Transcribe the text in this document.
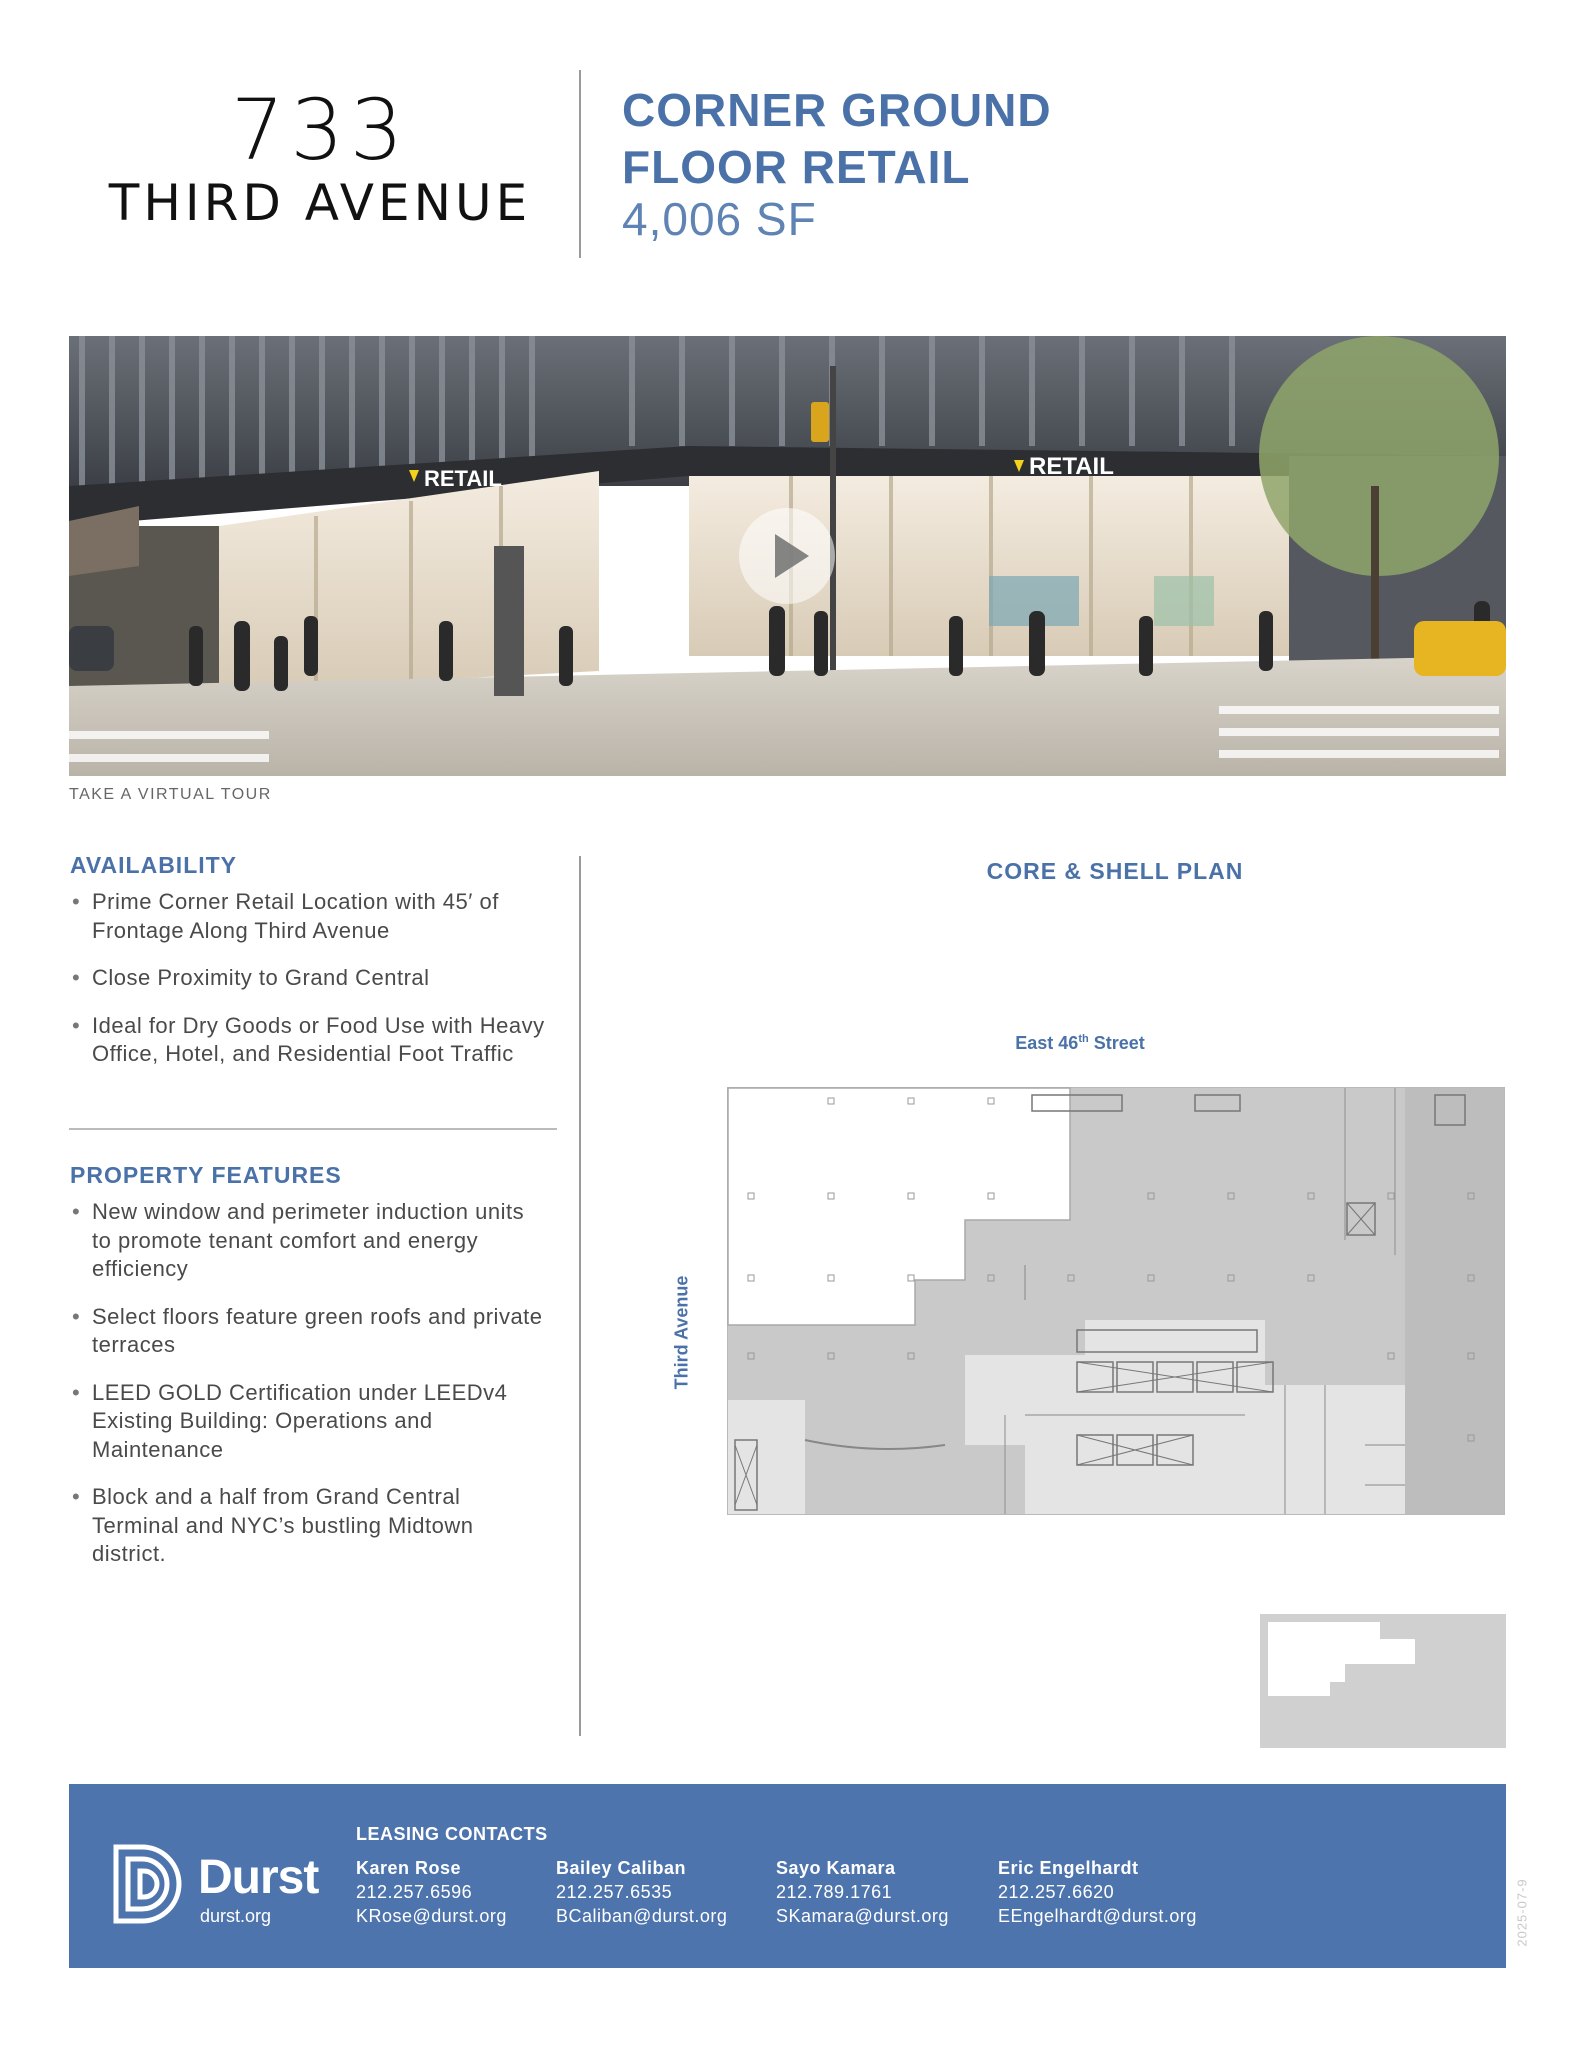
733
THIRD AVENUE
CORNER GROUND
FLOOR RETAIL
4,006 SF
RETAIL	RETAIL
TAKE A VIRTUAL TOUR
AVAILABILITY
• Prime Corner Retail Location with 45′ of Frontage Along Third Avenue
• Close Proximity to Grand Central
• Ideal for Dry Goods or Food Use with Heavy Office, Hotel, and Residential Foot Traffic
PROPERTY FEATURES
• New window and perimeter induction units to promote tenant comfort and energy efficiency
• Select floors feature green roofs and private terraces
• LEED GOLD Certification under LEEDv4 Existing Building: Operations and Maintenance
• Block and a half from Grand Central Terminal and NYC’s bustling Midtown district.
CORE & SHELL PLAN
East 46th Street
Third Avenue
Durst
durst.org
LEASING CONTACTS
Karen Rose
212.257.6596
KRose@durst.org
Bailey Caliban
212.257.6535
BCaliban@durst.org
Sayo Kamara
212.789.1761
SKamara@durst.org
Eric Engelhardt
212.257.6620
EEngelhardt@durst.org	2025-07-9
